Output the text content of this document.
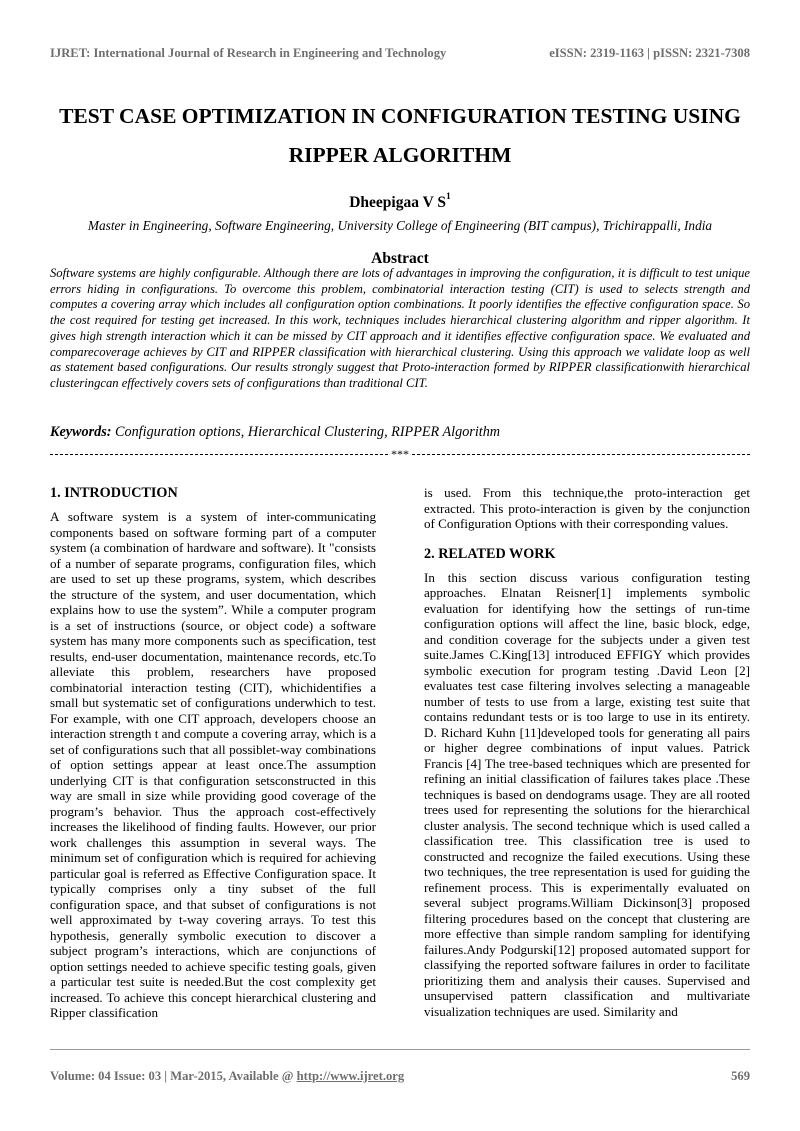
IJRET: International Journal of Research in Engineering and Technology	eISSN: 2319-1163 | pISSN: 2321-7308
TEST CASE OPTIMIZATION IN CONFIGURATION TESTING USING RIPPER ALGORITHM
Dheepigaa V $S^1$
Master in Engineering, Software Engineering, University College of Engineering (BIT campus), Trichirappalli, India
Abstract
Software systems are highly configurable. Although there are lots of advantages in improving the configuration, it is difficult to test unique errors hiding in configurations. To overcome this problem, combinatorial interaction testing (CIT) is used to selects strength and computes a covering array which includes all configuration option combinations. It poorly identifies the effective configuration space. So the cost required for testing get increased. In this work, techniques includes hierarchical clustering algorithm and ripper algorithm. It gives high strength interaction which it can be missed by CIT approach and it identifies effective configuration space. We evaluated and comparecoverage achieves by CIT and RIPPER classification with hierarchical clustering. Using this approach we validate loop as well as statement based configurations. Our results strongly suggest that Proto-interaction formed by RIPPER classificationwith hierarchical clusteringcan effectively covers sets of configurations than traditional CIT.
Keywords: Configuration options, Hierarchical Clustering, RIPPER Algorithm
***
1. INTRODUCTION

A software system is a system of inter-communicating components based on software forming part of a computer system (a combination of hardware and software). It "consists of a number of separate programs, configuration files, which are used to set up these programs, system, which describes the structure of the system, and user documentation, which explains how to use the system”. While a computer program is a set of instructions (source, or object code) a software system has many more components such as specification, test results, end-user documentation, maintenance records, etc.To alleviate this problem, researchers have proposed combinatorial interaction testing (CIT), whichidentifies a small but systematic set of configurations underwhich to test. For example, with one CIT approach, developers choose an interaction strength t and compute a covering array, which is a set of configurations such that all possiblet-way combinations of option settings appear at least once.The assumption underlying CIT is that configuration setsconstructed in this way are small in size while providing good coverage of the program’s behavior. Thus the approach cost-effectively increases the likelihood of finding faults. However, our prior work challenges this assumption in several ways. The minimum set of configuration which is required for achieving particular goal is referred as Effective Configuration space. It typically comprises only a tiny subset of the full configuration space, and that subset of configurations is not well approximated by t-way covering arrays. To test this hypothesis, generally symbolic execution to discover a subject program’s interactions, which are conjunctions of option settings needed to achieve specific testing goals, given a particular test suite is needed.But the cost complexity get increased. To achieve this concept hierarchical clustering and Ripper classification

is used. From this technique,the proto-interaction get extracted. This proto-interaction is given by the conjunction of Configuration Options with their corresponding values.

2. RELATED WORK

In this section discuss various configuration testing approaches. Elnatan Reisner[1] implements symbolic evaluation for identifying how the settings of run-time configuration options will affect the line, basic block, edge, and condition coverage for the subjects under a given test suite.James C.King[13] introduced EFFIGY which provides symbolic execution for program testing .David Leon [2] evaluates test case filtering involves selecting a manageable number of tests to use from a large, existing test suite that contains redundant tests or is too large to use in its entirety. D. Richard Kuhn [11]developed tools for generating all pairs or higher degree combinations of input values. Patrick Francis [4] The tree-based techniques which are presented for refining an initial classification of failures takes place .These techniques is based on dendograms usage. They are all rooted trees used for representing the solutions for the hierarchical cluster analysis. The second technique which is used called a classification tree. This classification tree is used to constructed and recognize the failed executions. Using these two techniques, the tree representation is used for guiding the refinement process. This is experimentally evaluated on several subject programs.William Dickinson[3] proposed filtering procedures based on the concept that clustering are more effective than simple random sampling for identifying failures.Andy Podgurski[12] proposed automated support for classifying the reported software failures in order to facilitate prioritizing them and analysis their causes. Supervised and unsupervised pattern classification and multivariate visualization techniques are used. Similarity and

Volume: 04 Issue: 03 | Mar-2015, Available @ http://www.ijret.org	569
